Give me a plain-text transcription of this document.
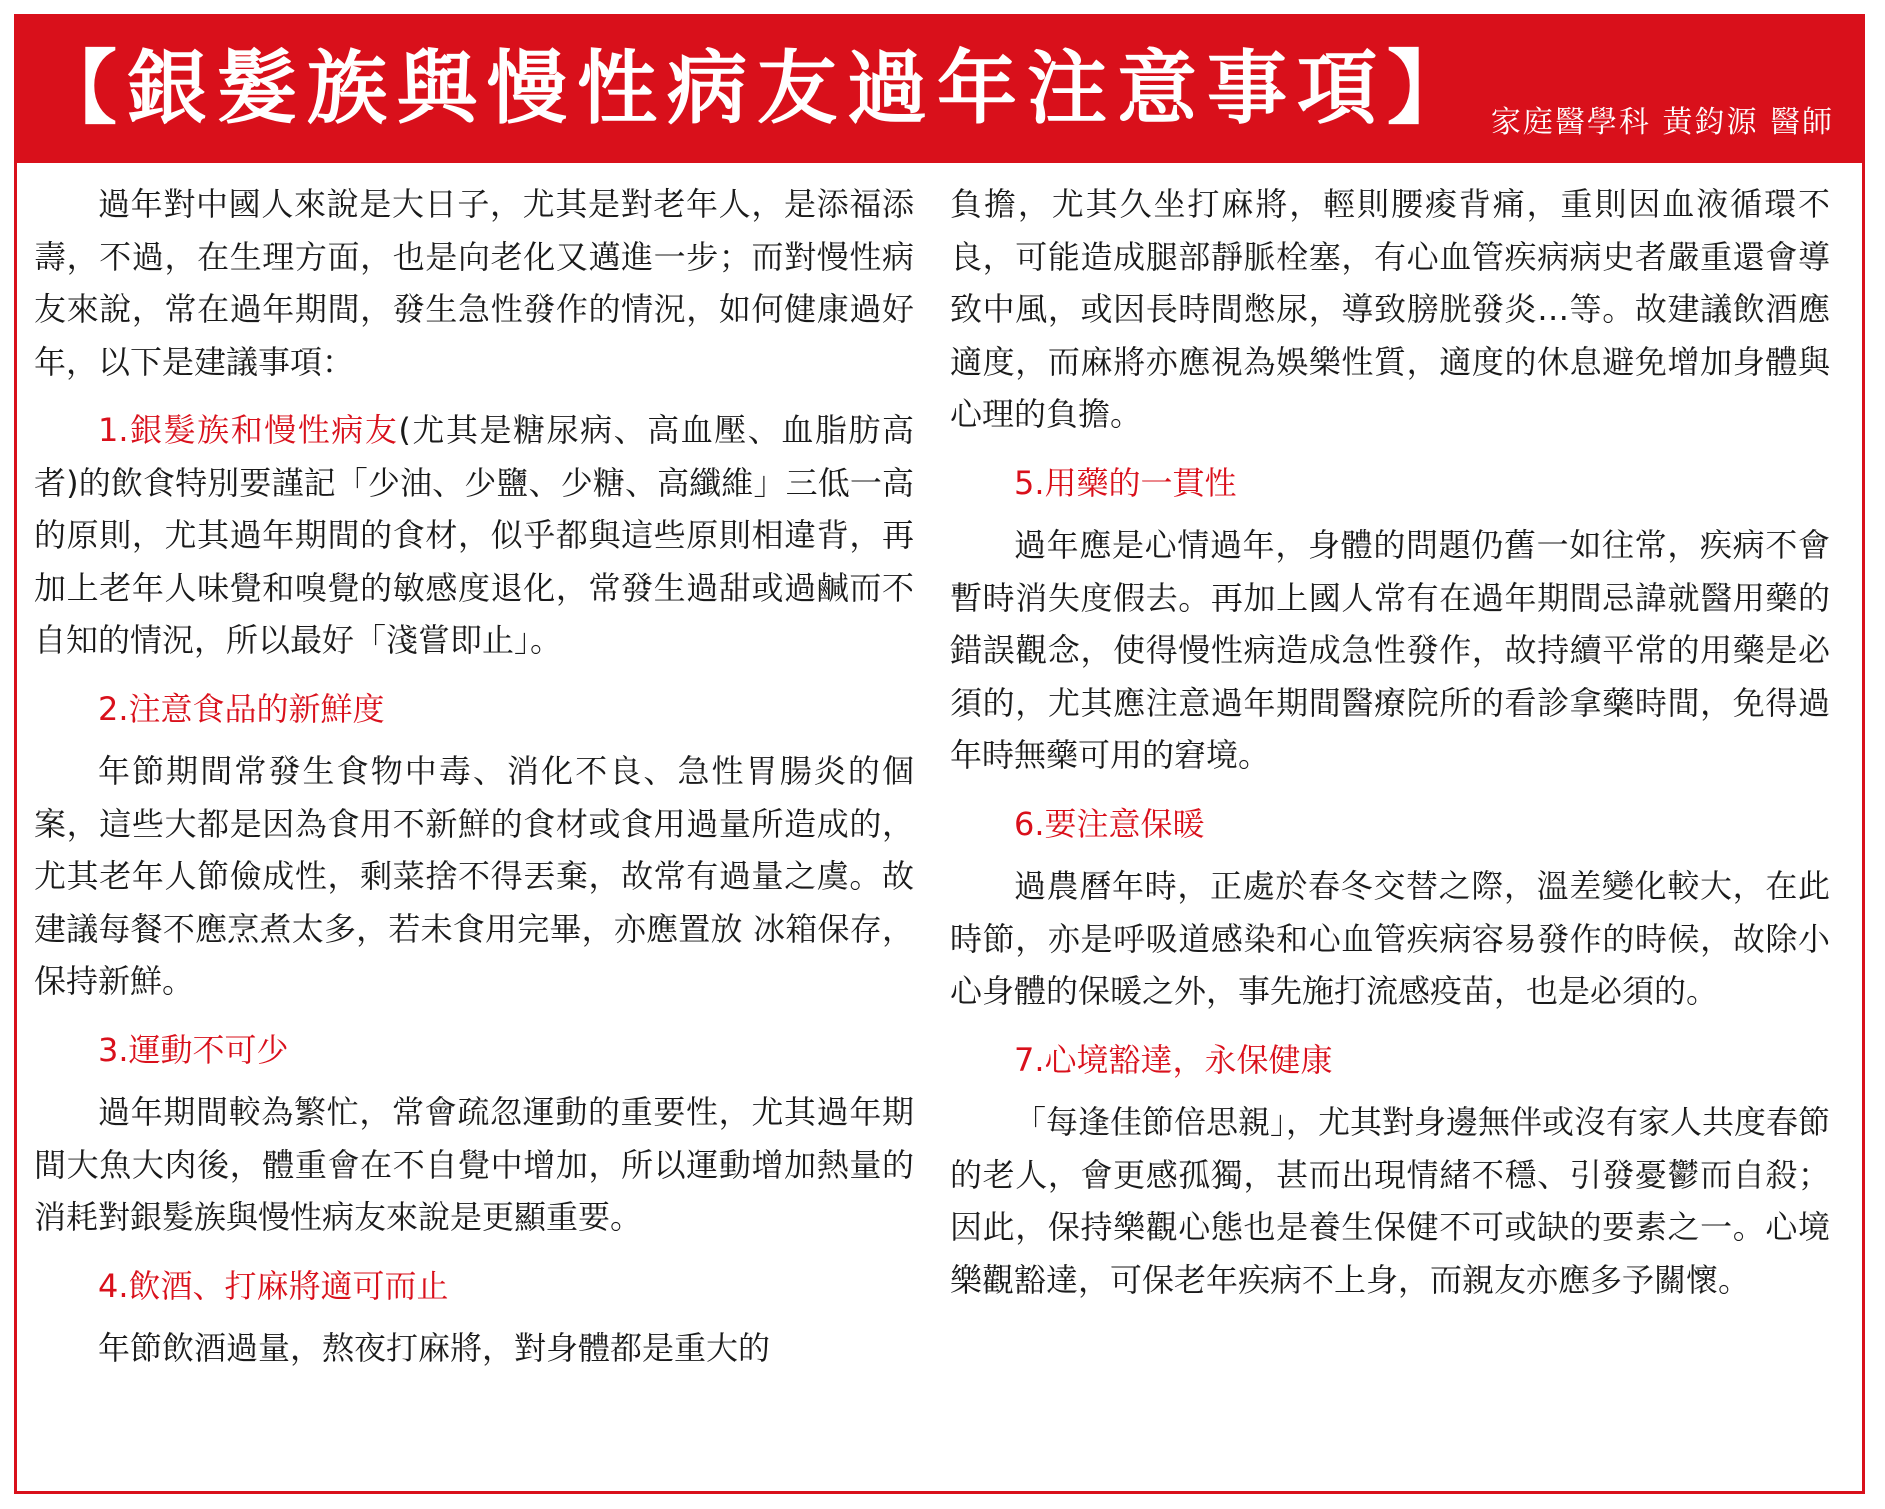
【銀髮族與慢性病友過年注意事項】 家庭醫學科 黃鈞源 醫師

過年對中國人來說是大日子，尤其是對老年人，是添福添壽，不過，在生理方面，也是向老化又邁進一步；而對慢性病友來說，常在過年期間，發生急性發作的情況，如何健康過好年，以下是建議事項：

1.銀髮族和慢性病友(尤其是糖尿病、高血壓、血脂肪高者)的飲食特別要謹記「少油、少鹽、少糖、高纖維」三低一高的原則，尤其過年期間的食材，似乎都與這些原則相違背，再加上老年人味覺和嗅覺的敏感度退化，常發生過甜或過鹹而不自知的情況，所以最好「淺嘗即止」。

2.注意食品的新鮮度

年節期間常發生食物中毒、消化不良、急性胃腸炎的個案，這些大都是因為食用不新鮮的食材或食用過量所造成的，尤其老年人節儉成性，剩菜捨不得丟棄，故常有過量之虞。故建議每餐不應烹煮太多，若未食用完畢，亦應置放 冰箱保存，保持新鮮。

3.運動不可少

過年期間較為繁忙，常會疏忽運動的重要性，尤其過年期間大魚大肉後，體重會在不自覺中增加，所以運動增加熱量的消耗對銀髮族與慢性病友來說是更顯重要。

4.飲酒、打麻將適可而止

年節飲酒過量，熬夜打麻將，對身體都是重大的

負擔，尤其久坐打麻將，輕則腰痠背痛，重則因血液循環不良，可能造成腿部靜脈栓塞，有心血管疾病病史者嚴重還會導致中風，或因長時間憋尿，導致膀胱發炎…等。故建議飲酒應適度，而麻將亦應視為娛樂性質，適度的休息避免增加身體與心理的負擔。

5.用藥的一貫性

過年應是心情過年，身體的問題仍舊一如往常，疾病不會暫時消失度假去。再加上國人常有在過年期間忌諱就醫用藥的錯誤觀念，使得慢性病造成急性發作，故持續平常的用藥是必須的，尤其應注意過年期間醫療院所的看診拿藥時間，免得過年時無藥可用的窘境。

6.要注意保暖

過農曆年時，正處於春冬交替之際，溫差變化較大，在此時節，亦是呼吸道感染和心血管疾病容易發作的時候，故除小心身體的保暖之外，事先施打流感疫苗，也是必須的。

7.心境豁達，永保健康

「每逢佳節倍思親」，尤其對身邊無伴或沒有家人共度春節的老人，會更感孤獨，甚而出現情緒不穩、引發憂鬱而自殺；因此，保持樂觀心態也是養生保健不可或缺的要素之一。心境樂觀豁達，可保老年疾病不上身，而親友亦應多予關懷。
